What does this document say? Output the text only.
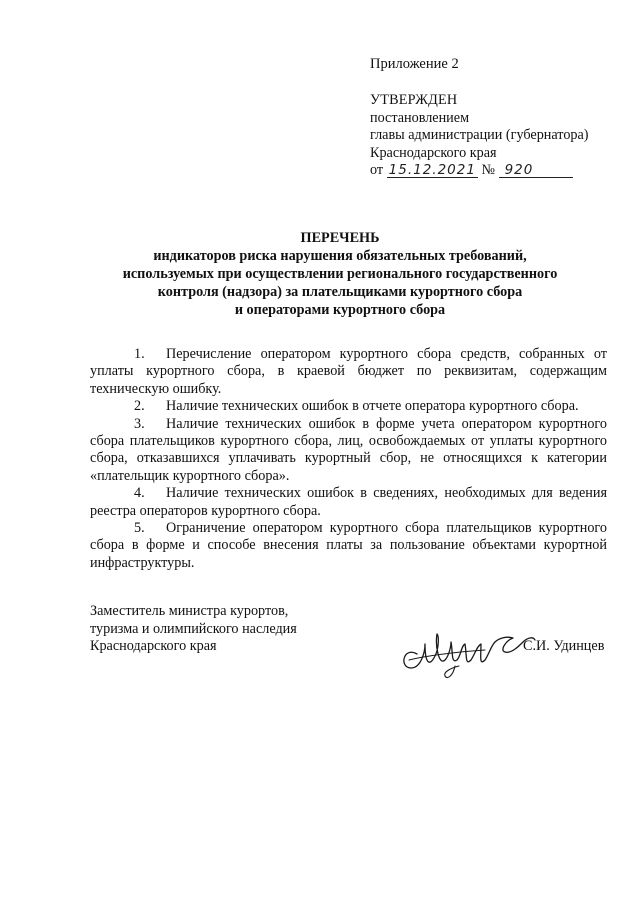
Приложение 2
УТВЕРЖДЕН
постановлением
главы администрации (губернатора)
Краснодарского края
от 15.12.2021 № 920
ПЕРЕЧЕНЬ
индикаторов риска нарушения обязательных требований,
используемых при осуществлении регионального государственного
контроля (надзора) за плательщиками курортного сбора
и операторами курортного сбора

1. Перечисление оператором курортного сбора средств, собранных от уплаты курортного сбора, в краевой бюджет по реквизитам, содержащим техническую ошибку.

2. Наличие технических ошибок в отчете оператора курортного сбора.

3. Наличие технических ошибок в форме учета оператором курортного сбора плательщиков курортного сбора, лиц, освобождаемых от уплаты курортного сбора, отказавшихся уплачивать курортный сбор, не относящихся к категории «плательщик курортного сбора».

4. Наличие технических ошибок в сведениях, необходимых для ведения реестра операторов курортного сбора.

5. Ограничение оператором курортного сбора плательщиков курортного сбора в форме и способе внесения платы за пользование объектами курортной инфраструктуры.

Заместитель министра курортов,
туризма и олимпийского наследия
Краснодарского края	С.И. Удинцев
